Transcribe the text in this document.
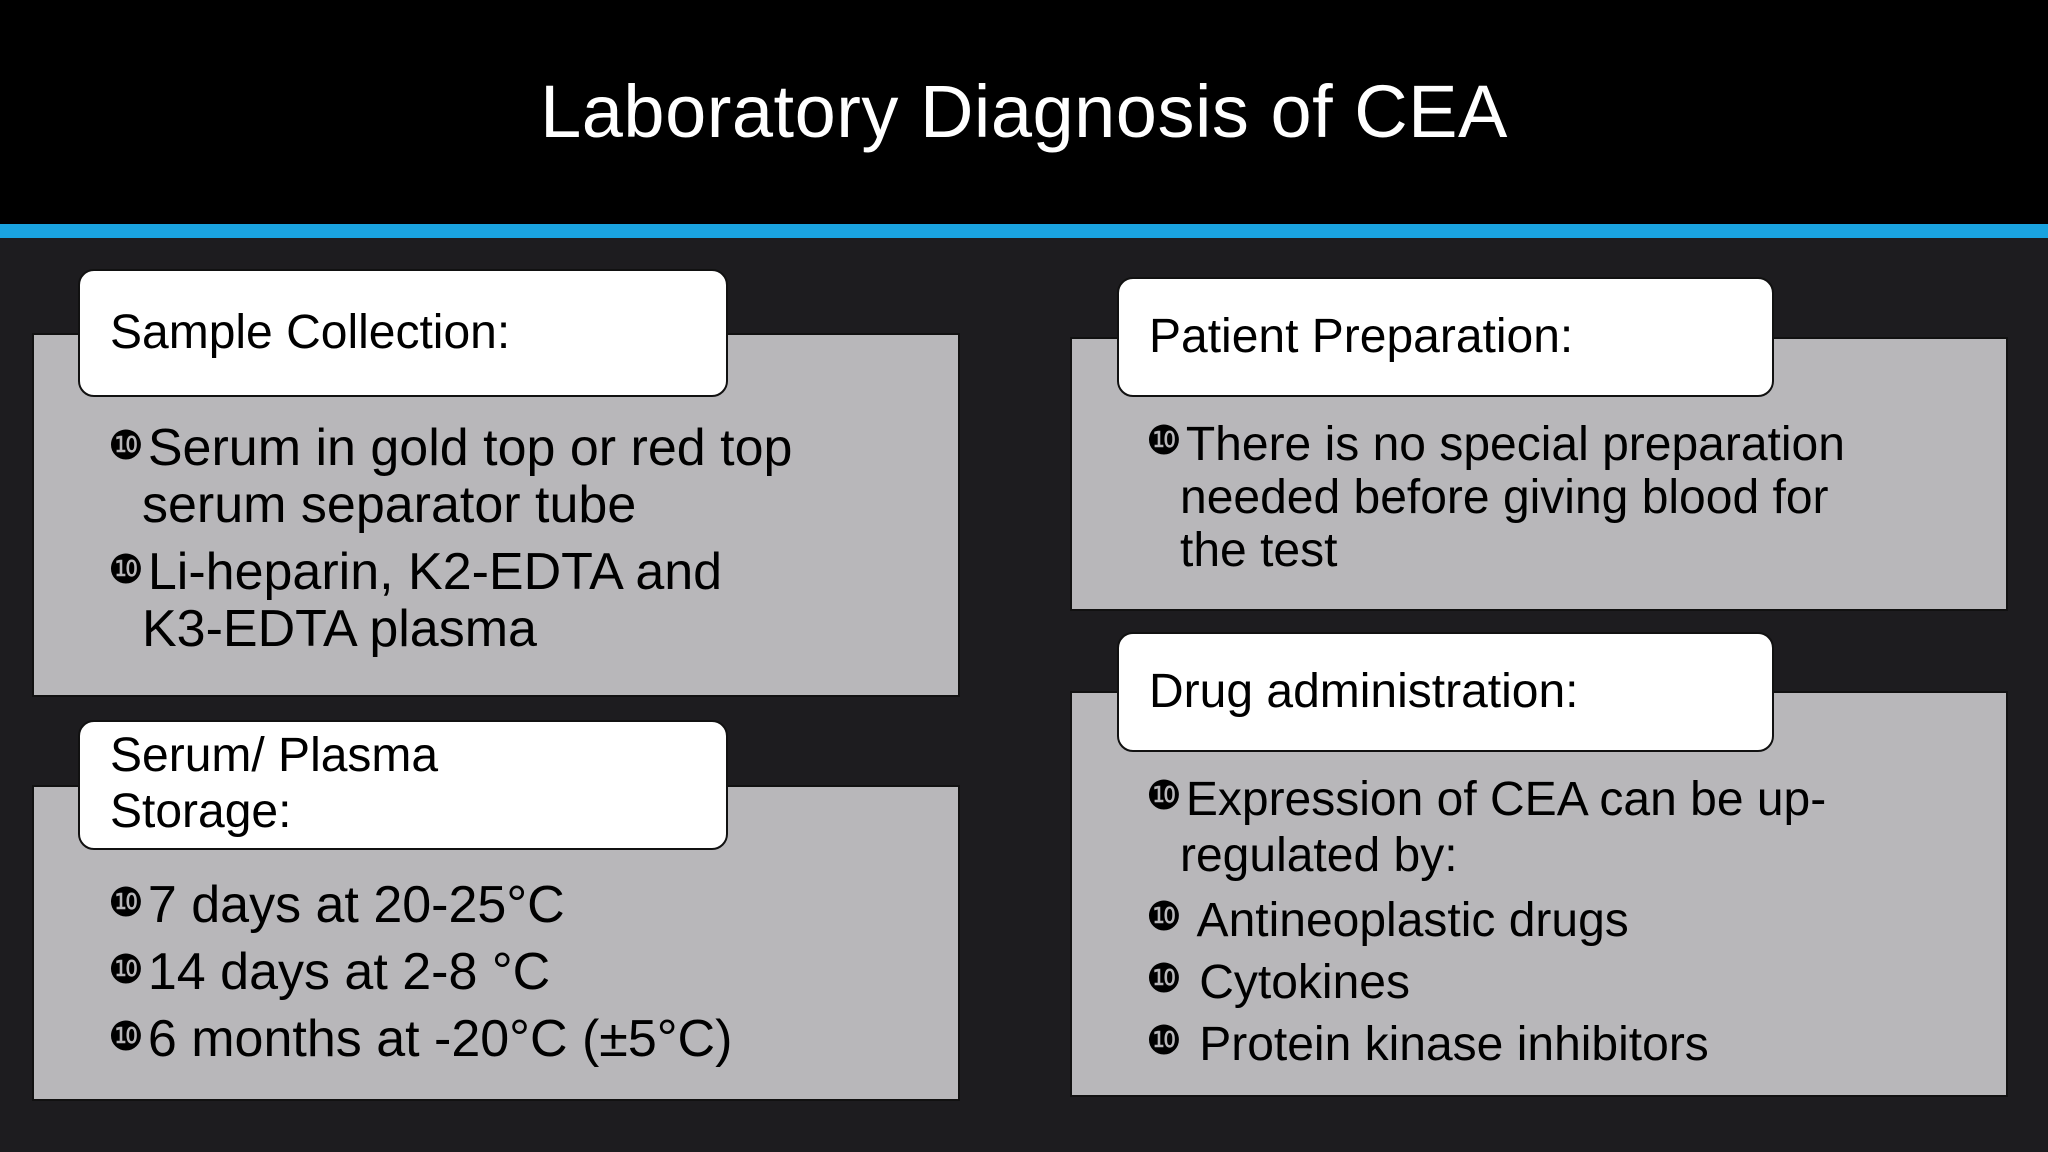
Laboratory Diagnosis of CEA
Sample Collection:
❿Serum in gold top or red top
serum separator tube
❿Li-heparin, K2-EDTA and
K3-EDTA plasma
Serum/ Plasma
Storage:
❿7 days at 20-25°C
❿14 days at 2-8 °C
❿6 months at -20°C (±5°C)
Patient Preparation:
❿There is no special preparation
needed before giving blood for
the test
Drug administration:
❿Expression of CEA can be up-
regulated by:
❿ Antineoplastic drugs
❿ Cytokines
❿ Protein kinase inhibitors
